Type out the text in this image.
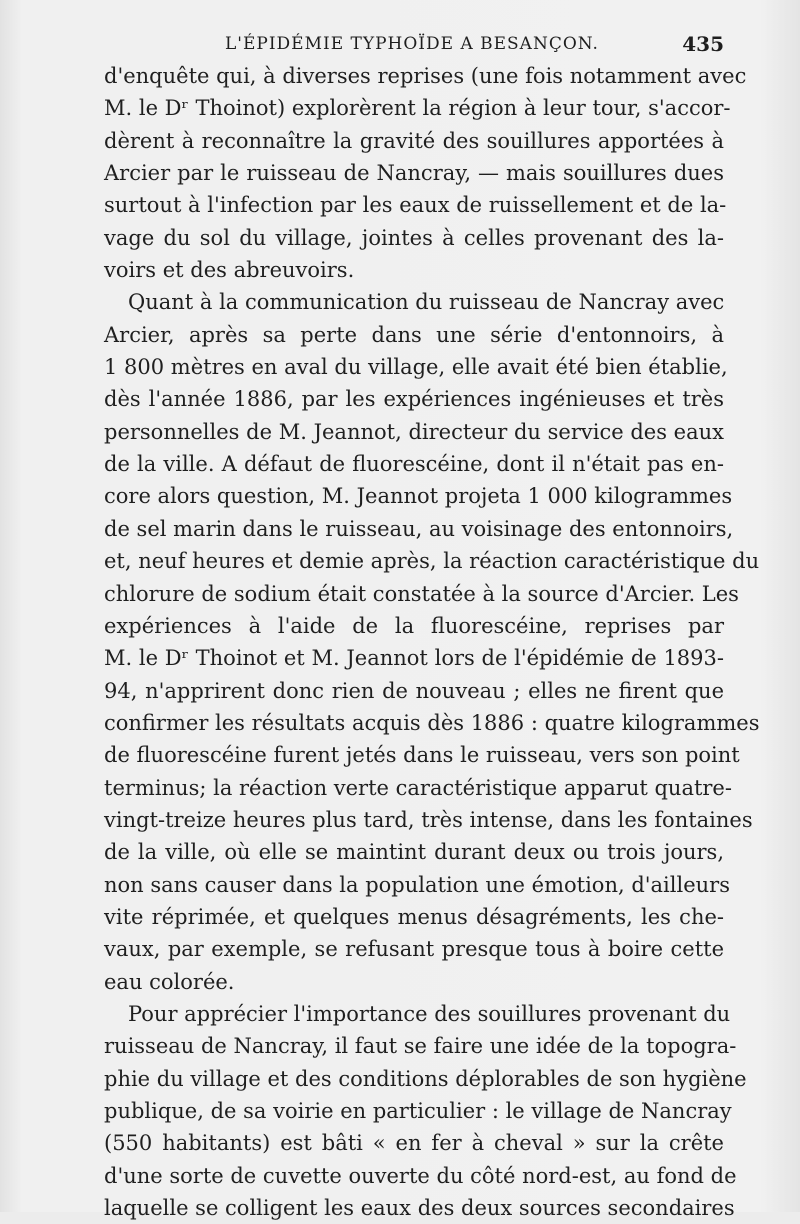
L'ÉPIDÉMIE TYPHOÏDE A BESANÇON.	435
d'enquête qui, à diverses reprises (une fois notamment avec
M. le Dʳ Thoinot) explorèrent la région à leur tour, s'accor-
dèrent à reconnaître la gravité des souillures apportées à
Arcier par le ruisseau de Nancray, — mais souillures dues
surtout à l'infection par les eaux de ruissellement et de la-
vage du sol du village, jointes à celles provenant des la-
voirs et des abreuvoirs.
Quant à la communication du ruisseau de Nancray avec
Arcier, après sa perte dans une série d'entonnoirs, à
1 800 mètres en aval du village, elle avait été bien établie,
dès l'année 1886, par les expériences ingénieuses et très
personnelles de M. Jeannot, directeur du service des eaux
de la ville. A défaut de fluorescéine, dont il n'était pas en-
core alors question, M. Jeannot projeta 1 000 kilogrammes
de sel marin dans le ruisseau, au voisinage des entonnoirs,
et, neuf heures et demie après, la réaction caractéristique du
chlorure de sodium était constatée à la source d'Arcier. Les
expériences à l'aide de la fluorescéine, reprises par
M. le Dʳ Thoinot et M. Jeannot lors de l'épidémie de 1893-
94, n'apprirent donc rien de nouveau ; elles ne firent que
confirmer les résultats acquis dès 1886 : quatre kilogrammes
de fluorescéine furent jetés dans le ruisseau, vers son point
terminus; la réaction verte caractéristique apparut quatre-
vingt-treize heures plus tard, très intense, dans les fontaines
de la ville, où elle se maintint durant deux ou trois jours,
non sans causer dans la population une émotion, d'ailleurs
vite réprimée, et quelques menus désagréments, les che-
vaux, par exemple, se refusant presque tous à boire cette
eau colorée.
Pour apprécier l'importance des souillures provenant du
ruisseau de Nancray, il faut se faire une idée de la topogra-
phie du village et des conditions déplorables de son hygiène
publique, de sa voirie en particulier : le village de Nancray
(550 habitants) est bâti « en fer à cheval » sur la crête
d'une sorte de cuvette ouverte du côté nord-est, au fond de
laquelle se colligent les eaux des deux sources secondaires
